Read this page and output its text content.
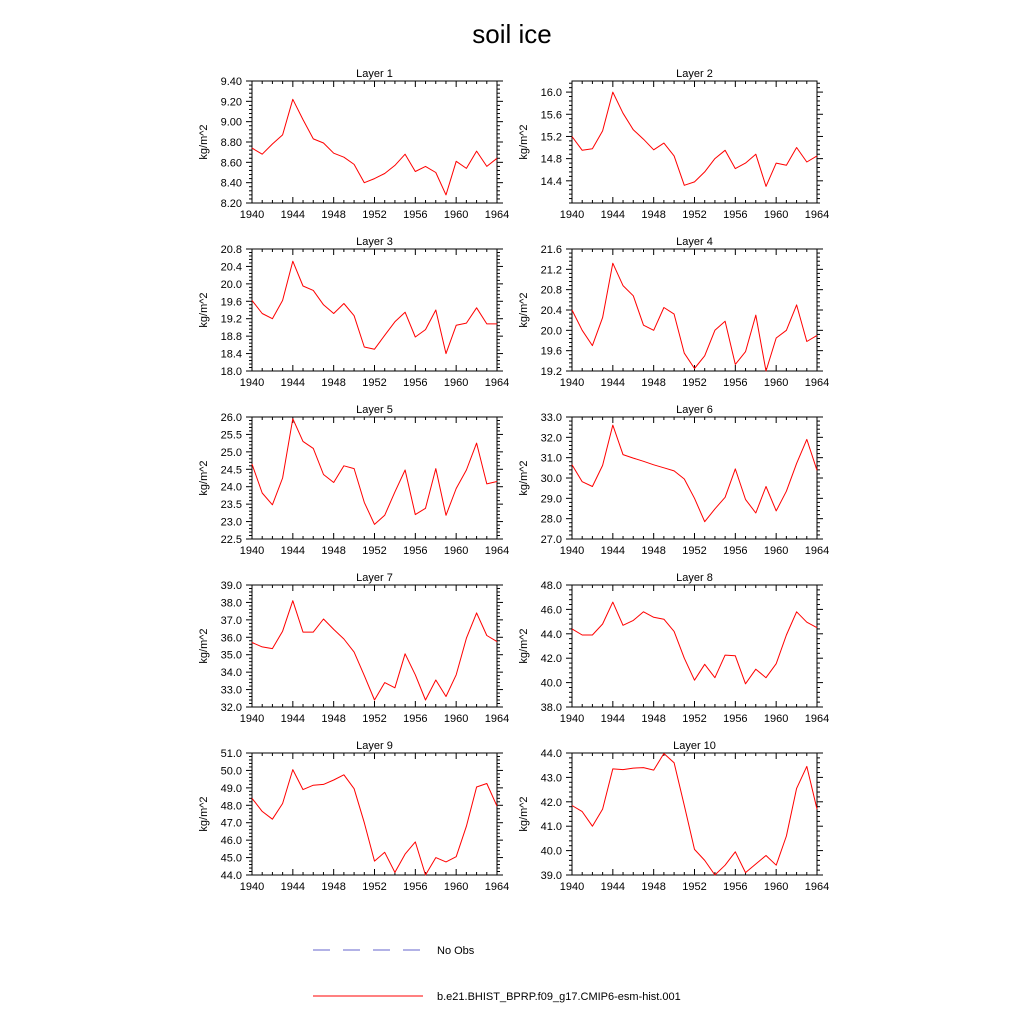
soil ice
Layer 1
kg/m^2
1940 1944 1948 1952 1956 1960 1964
8.20
8.40
8.60
8.80
9.00
9.20
9.40
Layer 2
kg/m^2
1940 1944 1948 1952 1956 1960 1964
14.4
14.8
15.2
15.6
16.0
Layer 3
kg/m^2
1940 1944 1948 1952 1956 1960 1964
18.0
18.4
18.8
19.2
19.6
20.0
20.4
20.8
Layer 4
kg/m^2
1940 1944 1948 1952 1956 1960 1964
19.2
19.6
20.0
20.4
20.8
21.2
21.6
Layer 5
kg/m^2
1940 1944 1948 1952 1956 1960 1964
22.5
23.0
23.5
24.0
24.5
25.0
25.5
26.0
Layer 6
kg/m^2
1940 1944 1948 1952 1956 1960 1964
27.0
28.0
29.0
30.0
31.0
32.0
33.0
Layer 7
kg/m^2
1940 1944 1948 1952 1956 1960 1964
32.0
33.0
34.0
35.0
36.0
37.0
38.0
39.0
Layer 8
kg/m^2
1940 1944 1948 1952 1956 1960 1964
38.0
40.0
42.0
44.0
46.0
48.0
Layer 9
kg/m^2
1940 1944 1948 1952 1956 1960 1964
44.0
45.0
46.0
47.0
48.0
49.0
50.0
51.0
Layer 10
kg/m^2
1940 1944 1948 1952 1956 1960 1964
39.0
40.0
41.0
42.0
43.0
44.0
No Obs
b.e21.BHIST_BPRP.f09_g17.CMIP6-esm-hist.001
